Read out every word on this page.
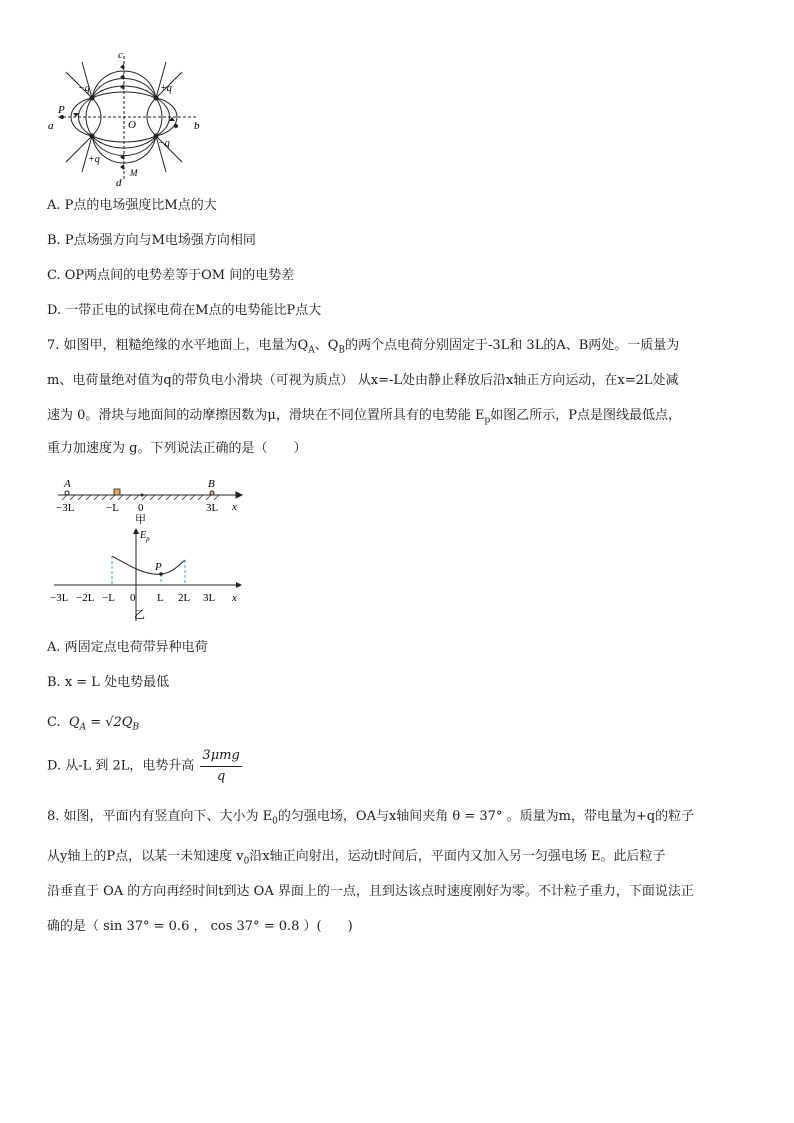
c
d
a	b
P
O
M
−q	+q
+q
−q
A. P点的电场强度比M点的大
B. P点场强方向与M电场强方向相同
C. OP两点间的电势差等于OM 间的电势差
D. 一带正电的试探电荷在M点的电势能比P点大
7. 如图甲，粗糙绝缘的水平地面上，电量为$Q_A$、$Q_B$的两个点电荷分别固定于-3L和 3L的A、B两处。一质量为
m、电荷量绝对值为q的带负电小滑块（可视为质点） 从x=-L处由静止释放后沿x轴正方向运动，在x=2L处减
速为 0。滑块与地面间的动摩擦因数为μ，滑块在不同位置所具有的电势能 $E_p$如图乙所示，P点是图线最低点，
重力加速度为 g。下列说法正确的是（　　）
A	B
−3L	−L 0	3L x
甲
$E_p$
P
−3L −2L −L 0 L 2L 3L x
乙
A. 两固定点电荷带异种电荷
B. x = L 处电势最低
C. $Q_A = √2Q_B$
D. 从-L 到 2L，电势升高 $\frac{\text{3μmg}}{q}$
8. 如图，平面内有竖直向下、大小为 $E_0$的匀强电场，OA与x轴间夹角 θ = 37° 。质量为m，带电量为+q的粒子
从y轴上的P点，以某一未知速度 $v_0$沿x轴正向射出，运动t时间后，平面内又加入另一匀强电场 E。此后粒子
沿垂直于 OA 的方向再经时间t到达 OA 界面上的一点，且到达该点时速度刚好为零。不计粒子重力，下面说法正
确的是（ sin 37° = 0.6 ， cos 37° = 0.8 ）(　　)
